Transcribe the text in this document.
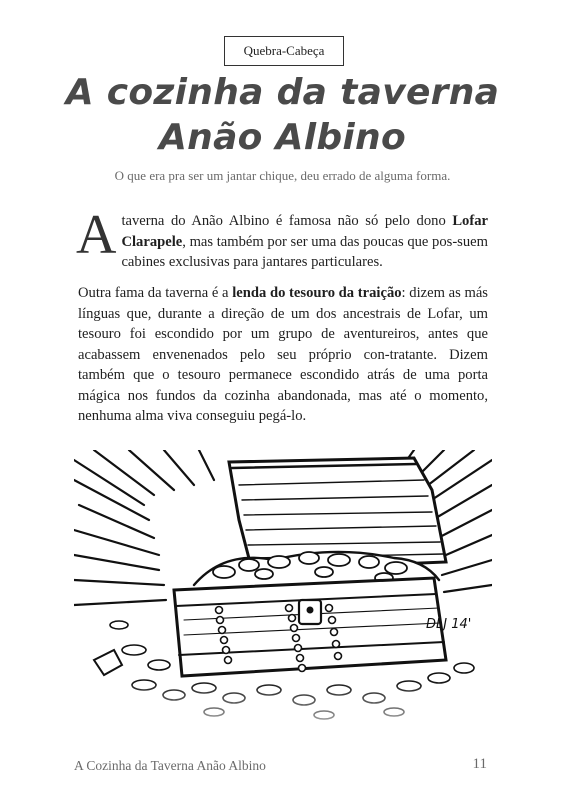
Quebra-Cabeça
A cozinha da taverna
Anão Albino

O que era pra ser um jantar chique, deu errado de alguma forma.

A taverna do Anão Albino é famosa não só pelo dono Lofar Clarapele, mas também por ser uma das poucas que pos-suem cabines exclusivas para jantares particulares.

Outra fama da taverna é a lenda do tesouro da traição: dizem as más línguas que, durante a direção de um dos ancestrais de Lofar, um tesouro foi escondido por um grupo de aventureiros, antes que acabassem envenenados pelo seu próprio con-tratante. Dizem também que o tesouro permanece escondido atrás de uma porta mágica nos fundos da cozinha abandonada, mas até o momento, nenhuma alma viva conseguiu pegá-lo.

DLJ 14'
A Cozinha da Taverna Anão Albino	11
